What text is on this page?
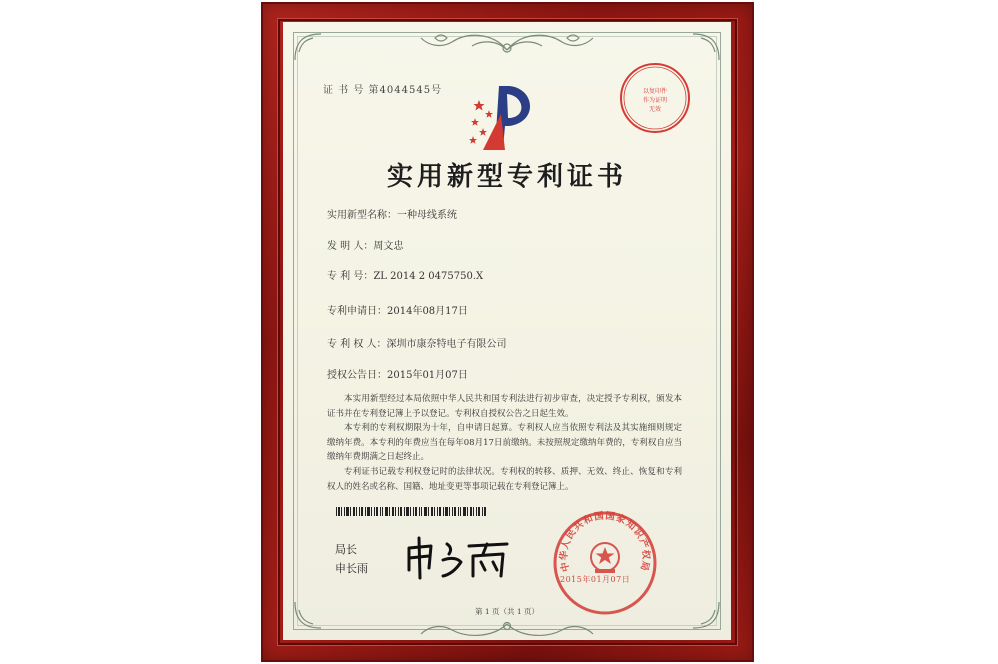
证 书 号 第4044545号	以复印件
作为证明
无效
实用新型专利证书
实用新型名称：一种母线系统
发 明 人：周文忠
专 利 号：ZL 2014 2 0475750.X
专利申请日：2014年08月17日
专 利 权 人：深圳市康奈特电子有限公司
授权公告日：2015年01月07日

本实用新型经过本局依照中华人民共和国专利法进行初步审查，决定授予专利权，颁发本证书并在专利登记簿上予以登记。专利权自授权公告之日起生效。

本专利的专利权期限为十年，自申请日起算。专利权人应当依照专利法及其实施细则规定缴纳年费。本专利的年费应当在每年08月17日前缴纳。未按照规定缴纳年费的，专利权自应当缴纳年费期满之日起终止。

专利证书记载专利权登记时的法律状况。专利权的转移、质押、无效、终止、恢复和专利权人的姓名或名称、国籍、地址变更等事项记载在专利登记簿上。

局长
申长雨	中华人民共和国国家知识产权局
2015年01月07日
第 1 页（共 1 页）
